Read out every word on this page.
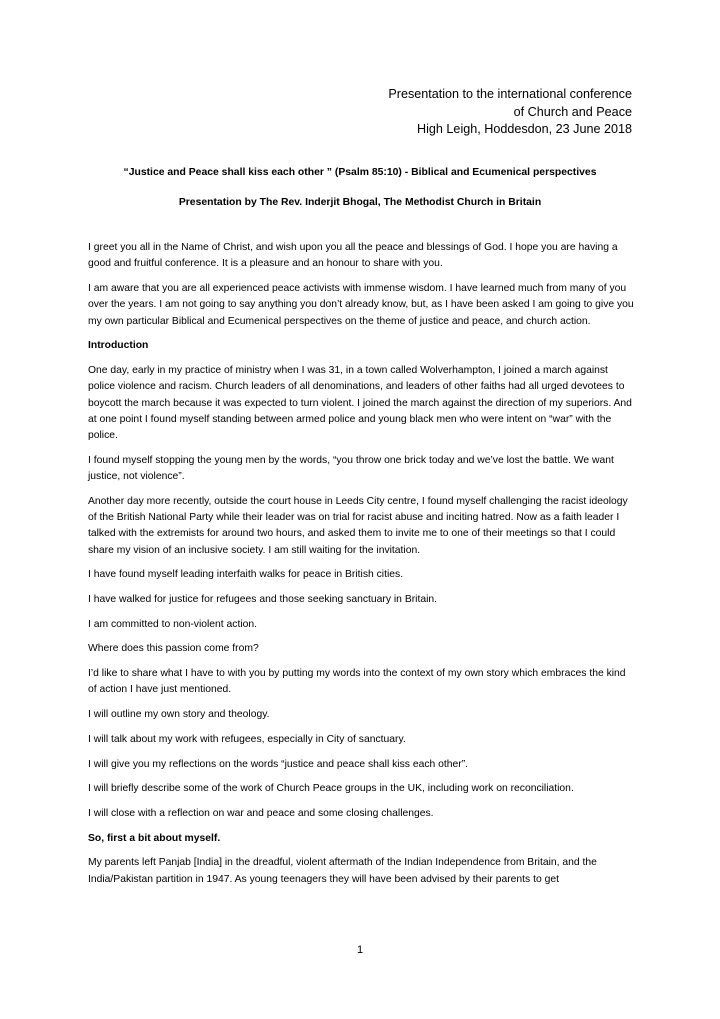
Presentation to the international conference
of Church and Peace
High Leigh, Hoddesdon, 23 June 2018

“Justice and Peace shall kiss each other ” (Psalm 85:10) - Biblical and Ecumenical perspectives

Presentation by The Rev. Inderjit Bhogal, The Methodist Church in Britain

I greet you all in the Name of Christ, and wish upon you all the peace and blessings of God. I hope you are having a good and fruitful conference. It is a pleasure and an honour to share with you.

I am aware that you are all experienced peace activists with immense wisdom. I have learned much from many of you over the years. I am not going to say anything you don’t already know, but, as I have been asked I am going to give you my own particular Biblical and Ecumenical perspectives on the theme of justice and peace, and church action.

Introduction

One day, early in my practice of ministry when I was 31, in a town called Wolverhampton, I joined a march against police violence and racism. Church leaders of all denominations, and leaders of other faiths had all urged devotees to boycott the march because it was expected to turn violent. I joined the march against the direction of my superiors. And at one point I found myself standing between armed police and young black men who were intent on “war” with the police.

I found myself stopping the young men by the words, “you throw one brick today and we’ve lost the battle. We want justice, not violence”.

Another day more recently, outside the court house in Leeds City centre, I found myself challenging the racist ideology of the British National Party while their leader was on trial for racist abuse and inciting hatred. Now as a faith leader I talked with the extremists for around two hours, and asked them to invite me to one of their meetings so that I could share my vision of an inclusive society. I am still waiting for the invitation.

I have found myself leading interfaith walks for peace in British cities.

I have walked for justice for refugees and those seeking sanctuary in Britain.

I am committed to non-violent action.

Where does this passion come from?

I’d like to share what I have to with you by putting my words into the context of my own story which embraces the kind of action I have just mentioned.

I will outline my own story and theology.

I will talk about my work with refugees, especially in City of sanctuary.

I will give you my reflections on the words “justice and peace shall kiss each other”.

I will briefly describe some of the work of Church Peace groups in the UK, including work on reconciliation.

I will close with a reflection on war and peace and some closing challenges.

So, first a bit about myself.

My parents left Panjab [India] in the dreadful, violent aftermath of the Indian Independence from Britain, and the India/Pakistan partition in 1947. As young teenagers they will have been advised by their parents to get

1
